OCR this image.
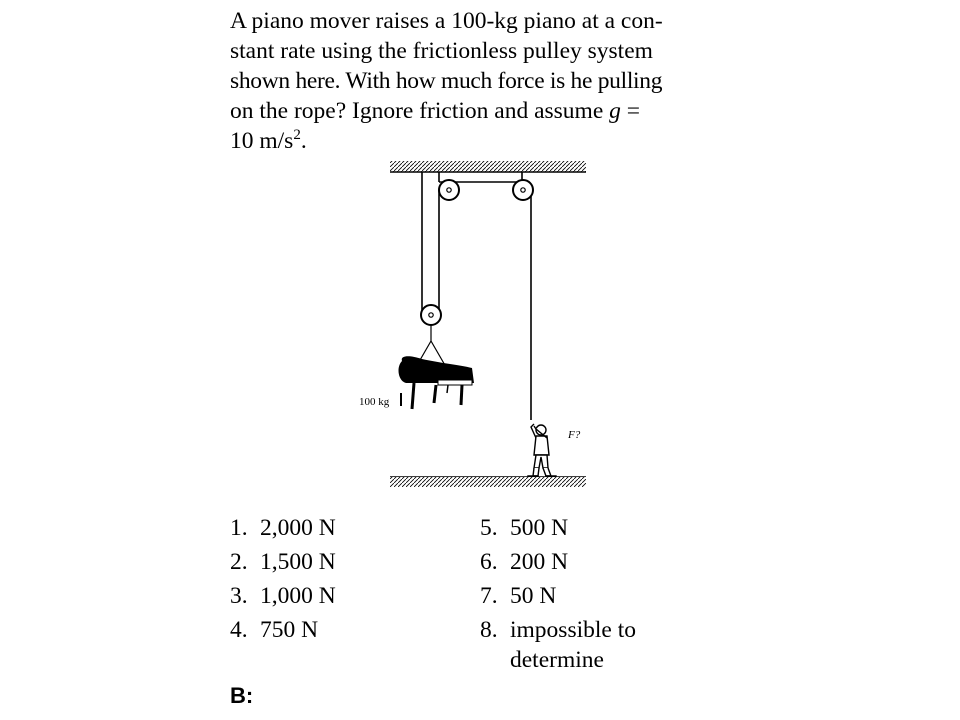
A piano mover raises a 100-kg piano at a con-
stant rate using the frictionless pulley system
shown here. With how much force is he pulling
on the rope? Ignore friction and assume g =
10 $m/s^2$.

100 kg
F?
1. 2,000 N
2. 1,500 N
3. 1,000 N
4. 750 N
5. 500 N
6. 200 N
7. 50 N
8. impossible to determine
B:
